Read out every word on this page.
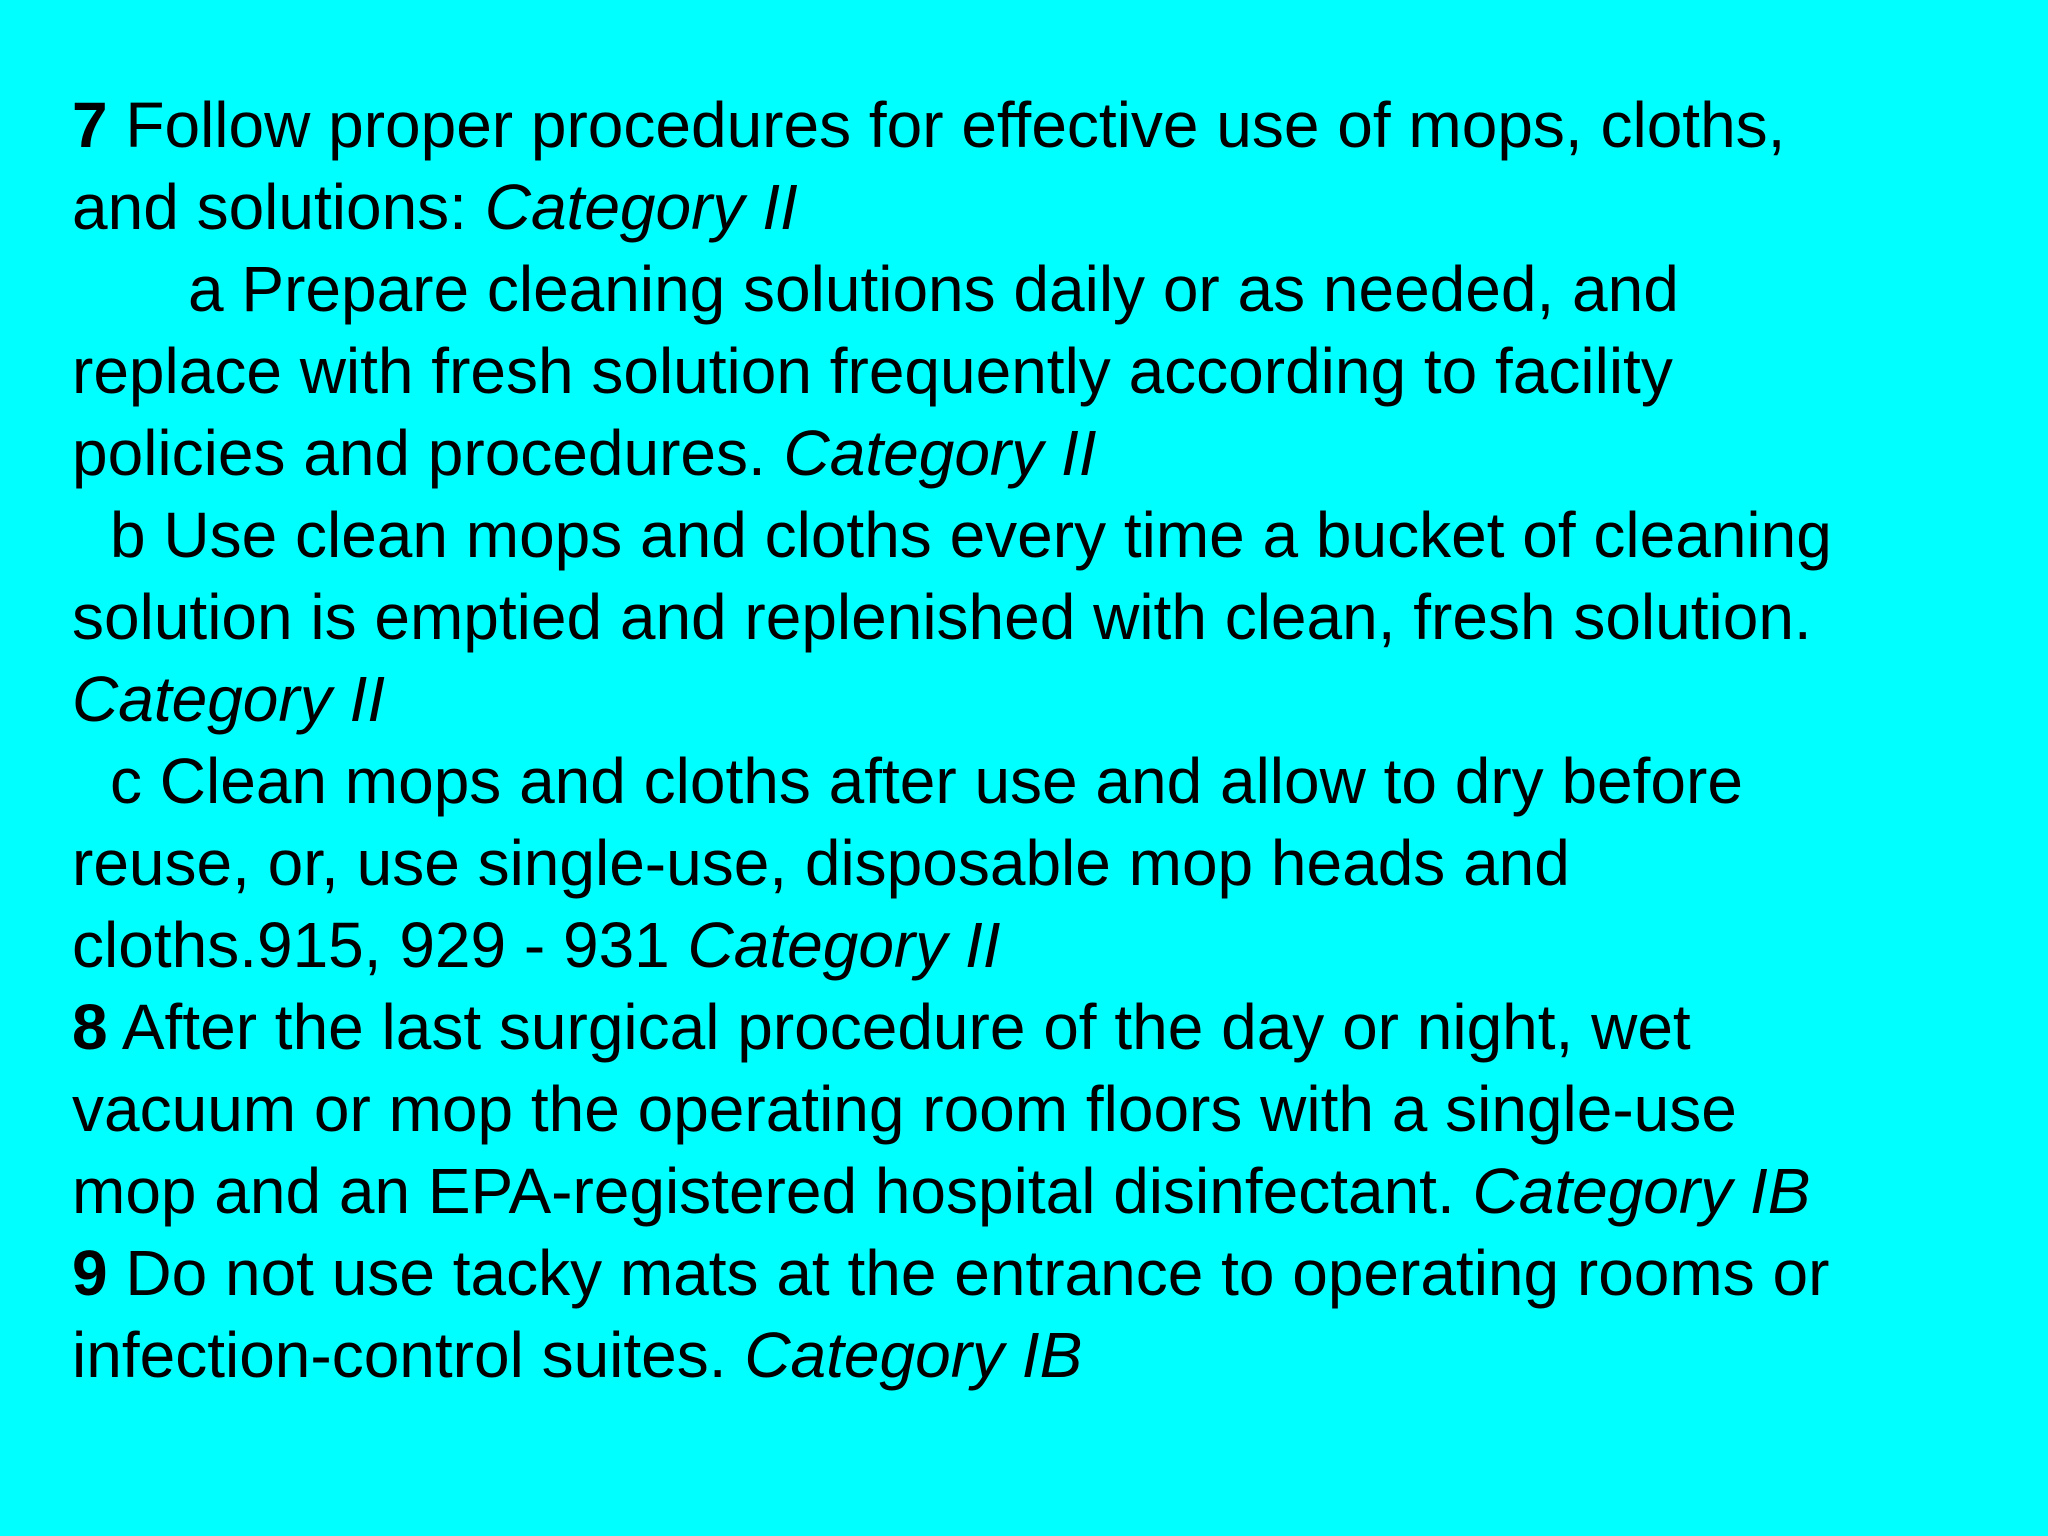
7 Follow proper procedures for effective use of mops, cloths,
and solutions: Category II
a Prepare cleaning solutions daily or as needed, and
replace with fresh solution frequently according to facility
policies and procedures. Category II
b Use clean mops and cloths every time a bucket of cleaning
solution is emptied and replenished with clean, fresh solution.
Category II
c Clean mops and cloths after use and allow to dry before
reuse, or, use single-use, disposable mop heads and
cloths.915, 929 - 931 Category II
8 After the last surgical procedure of the day or night, wet
vacuum or mop the operating room floors with a single-use
mop and an EPA-registered hospital disinfectant. Category IB
9 Do not use tacky mats at the entrance to operating rooms or
infection-control suites. Category IB
